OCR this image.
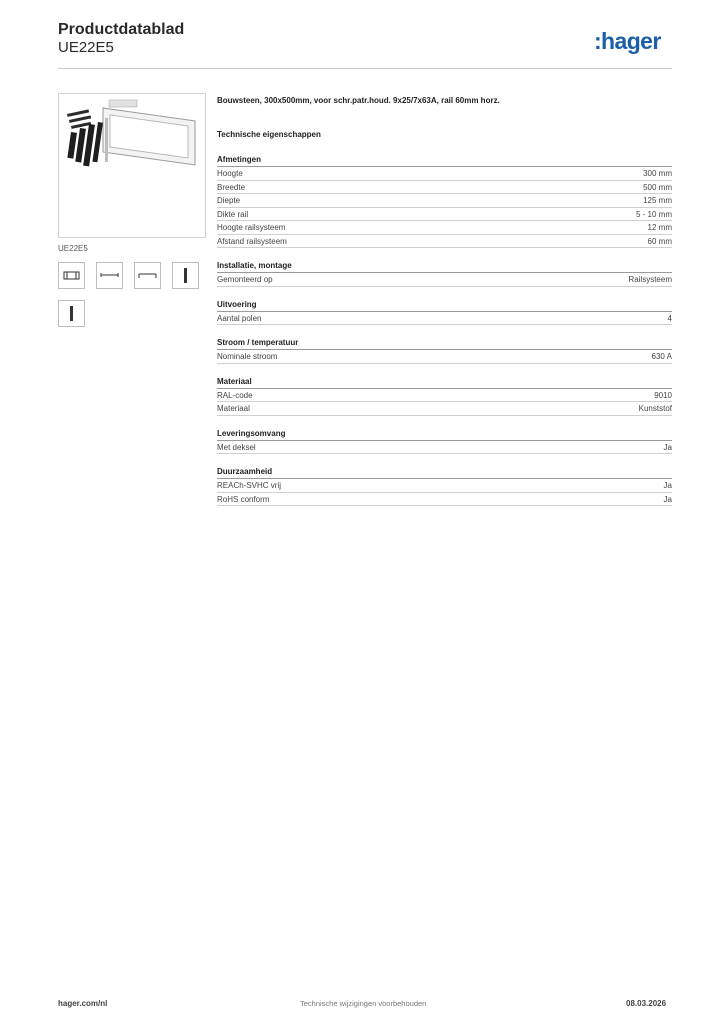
Productdatablad
UE22E5	:hager
UE22E5
Bouwsteen, 300x500mm, voor schr.patr.houd. 9x25/7x63A, rail 60mm horz.
Technische eigenschappen
Afmetingen
Hoogte	300 mm
Breedte	500 mm
Diepte	125 mm
Dikte rail	5 - 10 mm
Hoogte railsysteem	12 mm
Afstand railsysteem	60 mm
Installatie, montage
Gemonteerd op	Railsysteem
Uitvoering
Aantal polen	4
Stroom / temperatuur
Nominale stroom	630 A
Materiaal
RAL-code	9010
Materiaal	Kunststof
Leveringsomvang
Met deksel	Ja
Duurzaamheid
REACh-SVHC vrij	Ja
RoHS conform	Ja
hager.com/nl	Technische wijzigingen voorbehouden	08.03.2026
